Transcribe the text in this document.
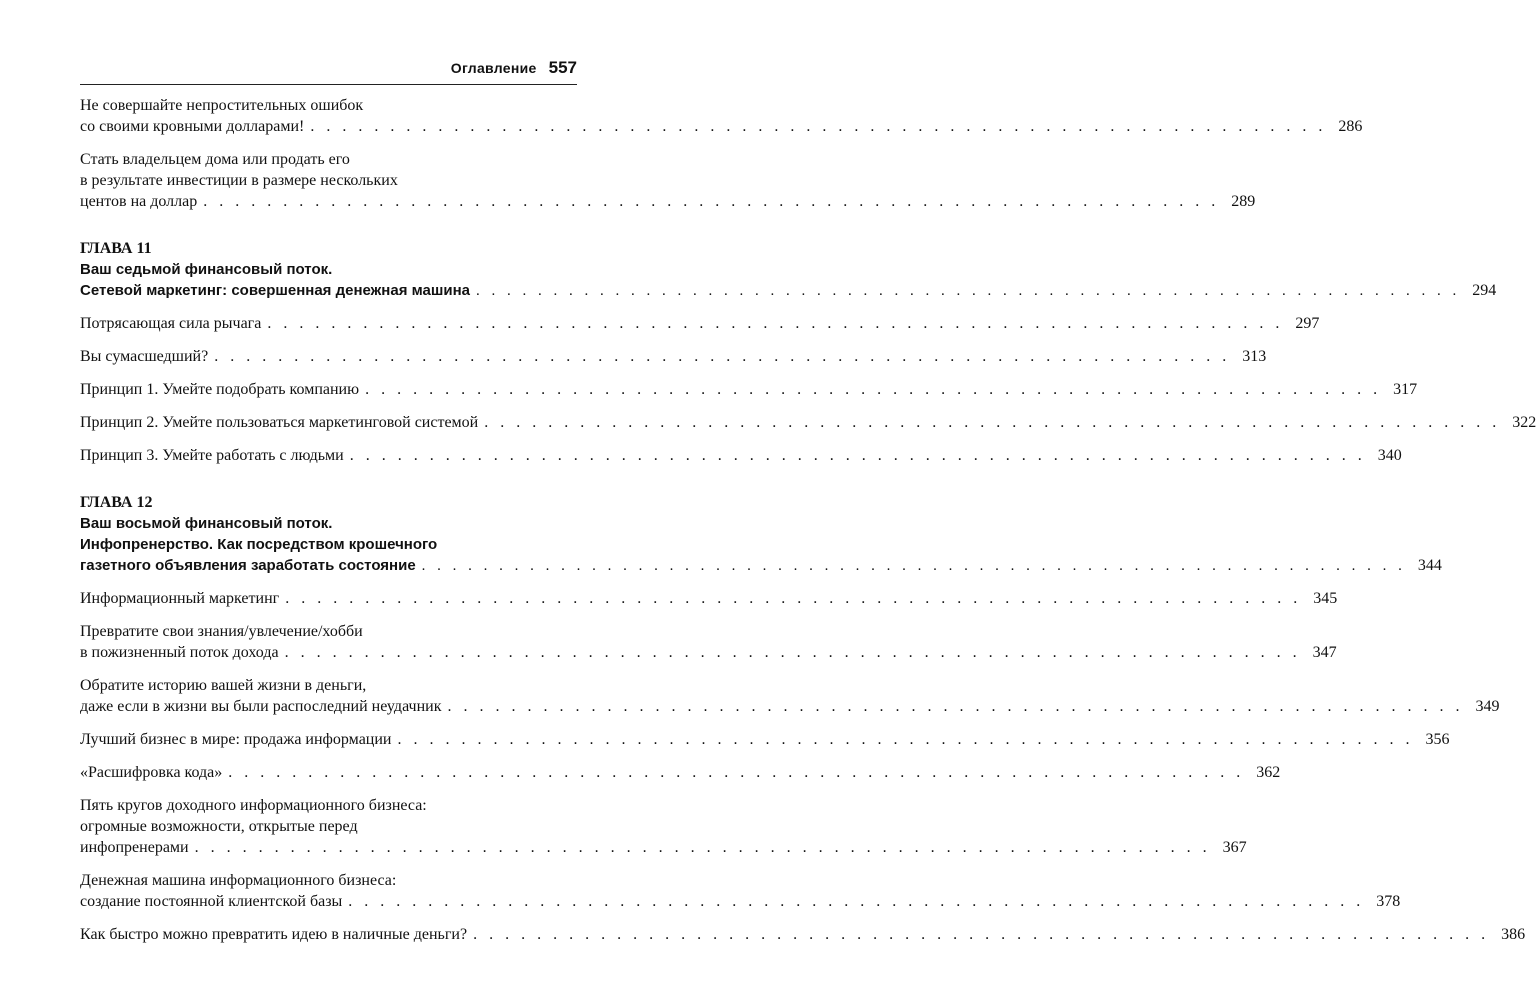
Оглавление 557
Не совершайте непростительных ошибок
со своими кровными долларами! . . . . . . . . . . . . . . . . . . . . . . . . . . . . . . . . . . . . . . . . . . . . . . . . . . . . . . . . . . . . . . . . 286
Стать владельцем дома или продать его
в результате инвестиции в размере нескольких
центов на доллар . . . . . . . . . . . . . . . . . . . . . . . . . . . . . . . . . . . . . . . . . . . . . . . . . . . . . . . . . . . . . . . . 289
ГЛАВА 11
Ваш седьмой финансовый поток.
Сетевой маркетинг: совершенная денежная машина . . . . . . . . . . . . . . . . . . . . . . . . . . . . . . . . . . . . . . . . . . . . . . . . . . . . . . . . . . . . . . . . 294
Потрясающая сила рычага . . . . . . . . . . . . . . . . . . . . . . . . . . . . . . . . . . . . . . . . . . . . . . . . . . . . . . . . . . . . . . . . 297
Вы сумасшедший? . . . . . . . . . . . . . . . . . . . . . . . . . . . . . . . . . . . . . . . . . . . . . . . . . . . . . . . . . . . . . . . . 313
Принцип 1. Умейте подобрать компанию . . . . . . . . . . . . . . . . . . . . . . . . . . . . . . . . . . . . . . . . . . . . . . . . . . . . . . . . . . . . . . . . 317
Принцип 2. Умейте пользоваться маркетинговой системой . . . . . . . . . . . . . . . . . . . . . . . . . . . . . . . . . . . . . . . . . . . . . . . . . . . . . . . . . . . . . . . . 322
Принцип 3. Умейте работать с людьми . . . . . . . . . . . . . . . . . . . . . . . . . . . . . . . . . . . . . . . . . . . . . . . . . . . . . . . . . . . . . . . . 340
ГЛАВА 12
Ваш восьмой финансовый поток.
Инфопренерство. Как посредством крошечного
газетного объявления заработать состояние . . . . . . . . . . . . . . . . . . . . . . . . . . . . . . . . . . . . . . . . . . . . . . . . . . . . . . . . . . . . . . . . 344
Информационный маркетинг . . . . . . . . . . . . . . . . . . . . . . . . . . . . . . . . . . . . . . . . . . . . . . . . . . . . . . . . . . . . . . . . 345
Превратите свои знания/увлечение/хобби
в пожизненный поток дохода . . . . . . . . . . . . . . . . . . . . . . . . . . . . . . . . . . . . . . . . . . . . . . . . . . . . . . . . . . . . . . . . 347
Обратите историю вашей жизни в деньги,
даже если в жизни вы были распоследний неудачник . . . . . . . . . . . . . . . . . . . . . . . . . . . . . . . . . . . . . . . . . . . . . . . . . . . . . . . . . . . . . . . . 349
Лучший бизнес в мире: продажа информации . . . . . . . . . . . . . . . . . . . . . . . . . . . . . . . . . . . . . . . . . . . . . . . . . . . . . . . . . . . . . . . . 356
«Расшифровка кода» . . . . . . . . . . . . . . . . . . . . . . . . . . . . . . . . . . . . . . . . . . . . . . . . . . . . . . . . . . . . . . . . 362
Пять кругов доходного информационного бизнеса:
огромные возможности, открытые перед
инфопренерами . . . . . . . . . . . . . . . . . . . . . . . . . . . . . . . . . . . . . . . . . . . . . . . . . . . . . . . . . . . . . . . . 367
Денежная машина информационного бизнеса:
создание постоянной клиентской базы . . . . . . . . . . . . . . . . . . . . . . . . . . . . . . . . . . . . . . . . . . . . . . . . . . . . . . . . . . . . . . . . 378
Как быстро можно превратить идею в наличные деньги? . . . . . . . . . . . . . . . . . . . . . . . . . . . . . . . . . . . . . . . . . . . . . . . . . . . . . . . . . . . . . . . . 386
